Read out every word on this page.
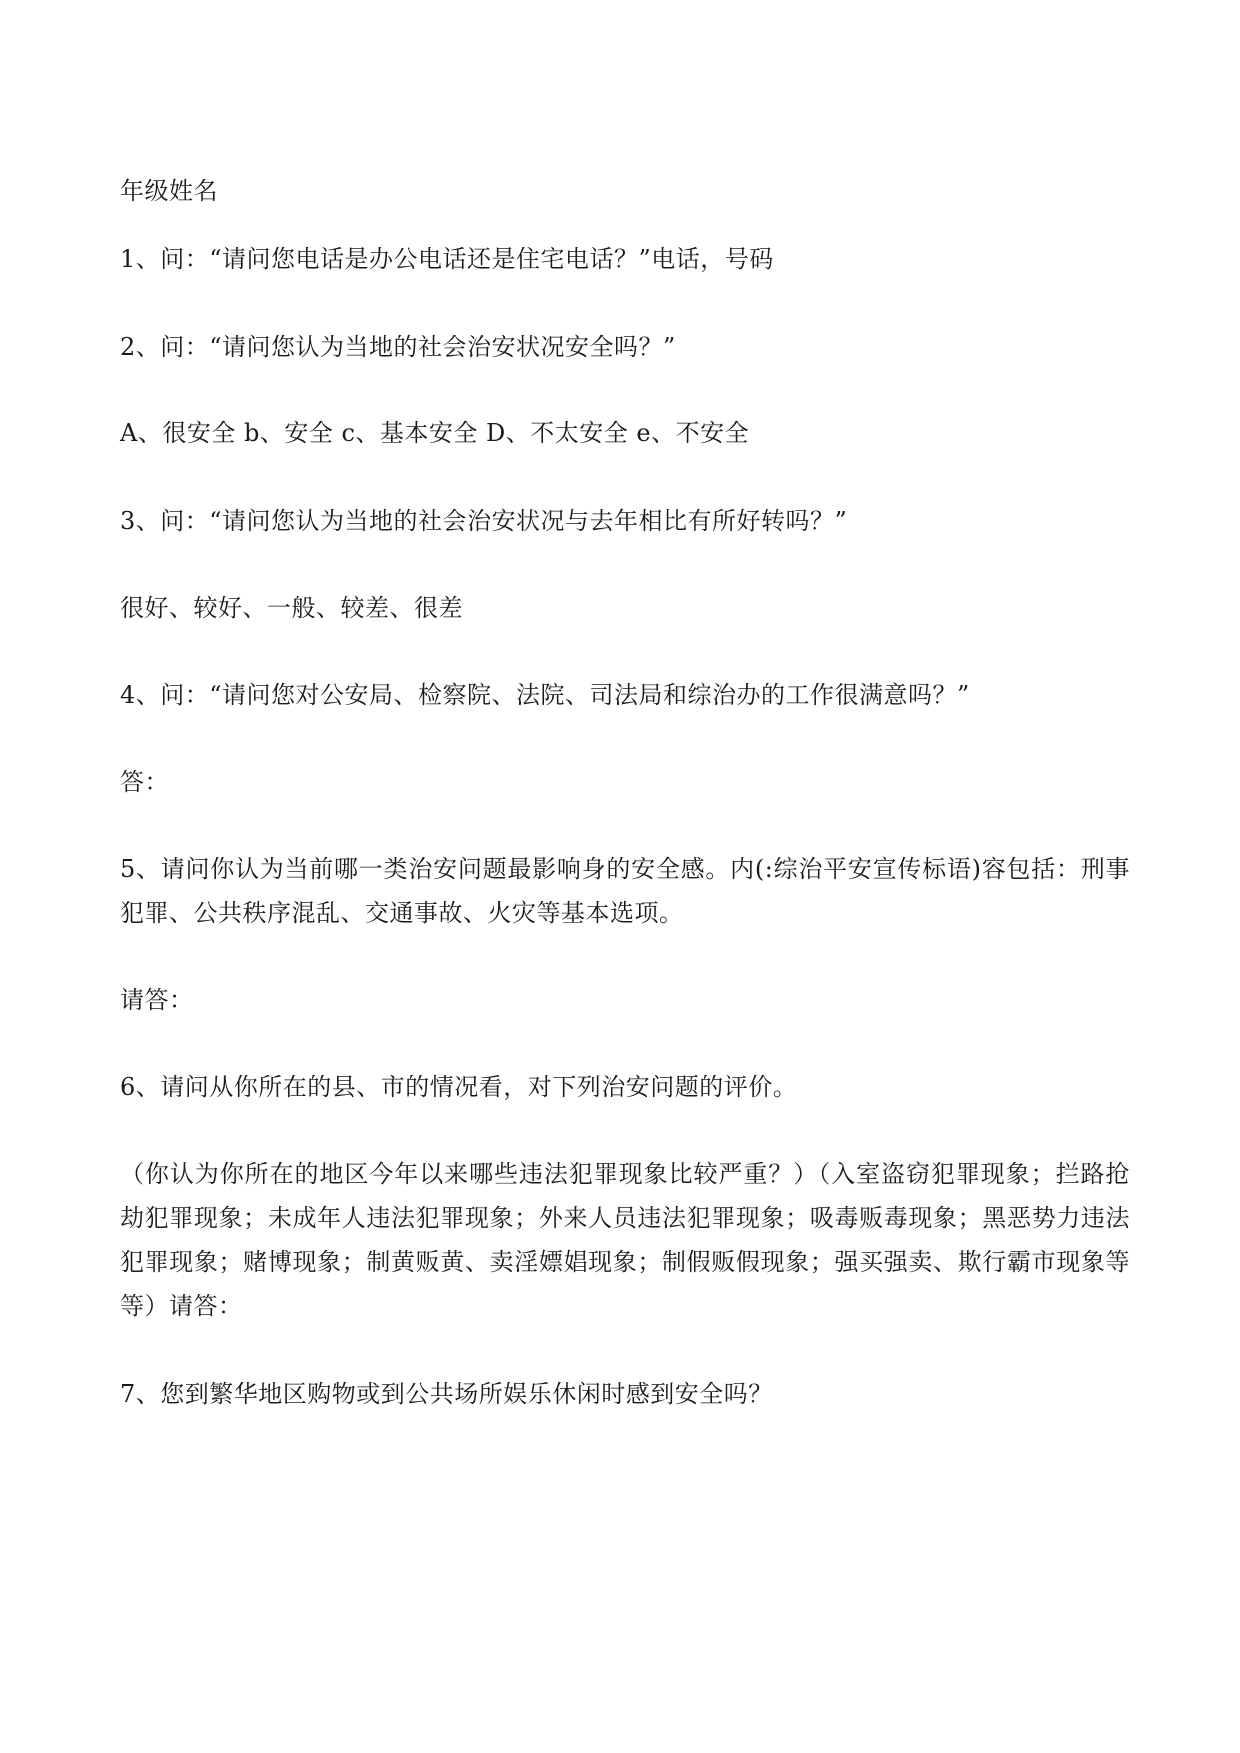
年级姓名

1、问：“请问您电话是办公电话还是住宅电话？”电话，号码

2、问：“请问您认为当地的社会治安状况安全吗？”

A、很安全 b、安全 c、基本安全 D、不太安全 e、不安全

3、问：“请问您认为当地的社会治安状况与去年相比有所好转吗？”

很好、较好、一般、较差、很差

4、问：“请问您对公安局、检察院、法院、司法局和综治办的工作很满意吗？”

答：

5、请问你认为当前哪一类治安问题最影响身的安全感。内(:综治平安宣传标语)容包括：刑事犯罪、公共秩序混乱、交通事故、火灾等基本选项。

请答：

6、请问从你所在的县、市的情况看，对下列治安问题的评价。

（你认为你所在的地区今年以来哪些违法犯罪现象比较严重？）（入室盗窃犯罪现象；拦路抢劫犯罪现象；未成年人违法犯罪现象；外来人员违法犯罪现象；吸毒贩毒现象；黑恶势力违法犯罪现象；赌博现象；制黄贩黄、卖淫嫖娼现象；制假贩假现象；强买强卖、欺行霸市现象等等）请答：

7、您到繁华地区购物或到公共场所娱乐休闲时感到安全吗？
